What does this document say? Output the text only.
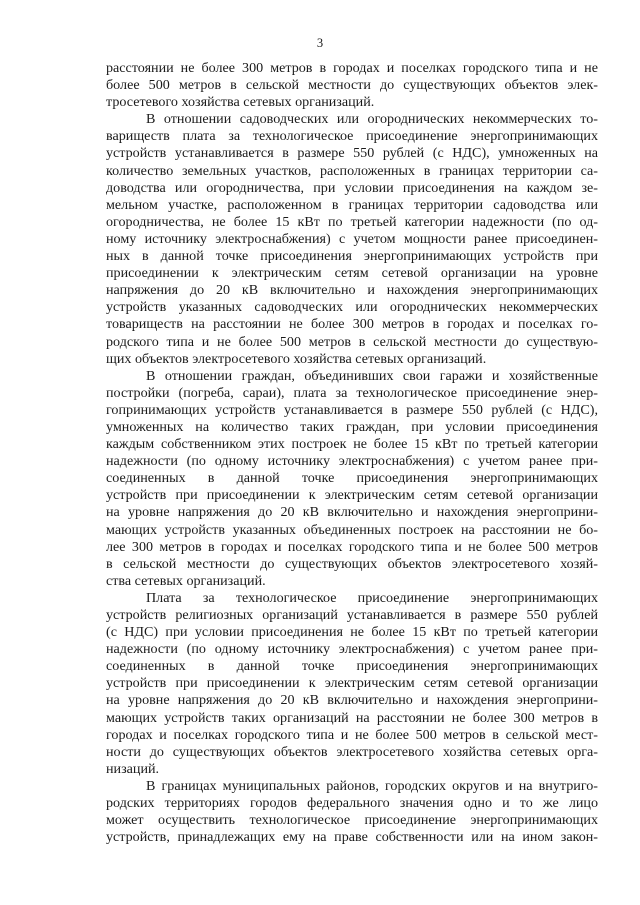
3
расстоянии не более 300 метров в городах и поселках городского типа и не
более 500 метров в сельской местности до существующих объектов элек-
тросетевого хозяйства сетевых организаций.
В отношении садоводческих или огороднических некоммерческих то-
вариществ плата за технологическое присоединение энергопринимающих
устройств устанавливается в размере 550 рублей (с НДС), умноженных на
количество земельных участков, расположенных в границах территории са-
доводства или огородничества, при условии присоединения на каждом зе-
мельном участке, расположенном в границах территории садоводства или
огородничества, не более 15 кВт по третьей категории надежности (по од-
ному источнику электроснабжения) с учетом мощности ранее присоединен-
ных в данной точке присоединения энергопринимающих устройств при
присоединении к электрическим сетям сетевой организации на уровне
напряжения до 20 кВ включительно и нахождения энергопринимающих
устройств указанных садоводческих или огороднических некоммерческих
товариществ на расстоянии не более 300 метров в городах и поселках го-
родского типа и не более 500 метров в сельской местности до существую-
щих объектов электросетевого хозяйства сетевых организаций.
В отношении граждан, объединивших свои гаражи и хозяйственные
постройки (погреба, сараи), плата за технологическое присоединение энер-
гопринимающих устройств устанавливается в размере 550 рублей (с НДС),
умноженных на количество таких граждан, при условии присоединения
каждым собственником этих построек не более 15 кВт по третьей категории
надежности (по одному источнику электроснабжения) с учетом ранее при-
соединенных в данной точке присоединения энергопринимающих
устройств при присоединении к электрическим сетям сетевой организации
на уровне напряжения до 20 кВ включительно и нахождения энергоприни-
мающих устройств указанных объединенных построек на расстоянии не бо-
лее 300 метров в городах и поселках городского типа и не более 500 метров
в сельской местности до существующих объектов электросетевого хозяй-
ства сетевых организаций.
Плата за технологическое присоединение энергопринимающих
устройств религиозных организаций устанавливается в размере 550 рублей
(с НДС) при условии присоединения не более 15 кВт по третьей категории
надежности (по одному источнику электроснабжения) с учетом ранее при-
соединенных в данной точке присоединения энергопринимающих
устройств при присоединении к электрическим сетям сетевой организации
на уровне напряжения до 20 кВ включительно и нахождения энергоприни-
мающих устройств таких организаций на расстоянии не более 300 метров в
городах и поселках городского типа и не более 500 метров в сельской мест-
ности до существующих объектов электросетевого хозяйства сетевых орга-
низаций.
В границах муниципальных районов, городских округов и на внутриго-
родских территориях городов федерального значения одно и то же лицо
может осуществить технологическое присоединение энергопринимающих
устройств, принадлежащих ему на праве собственности или на ином закон-
